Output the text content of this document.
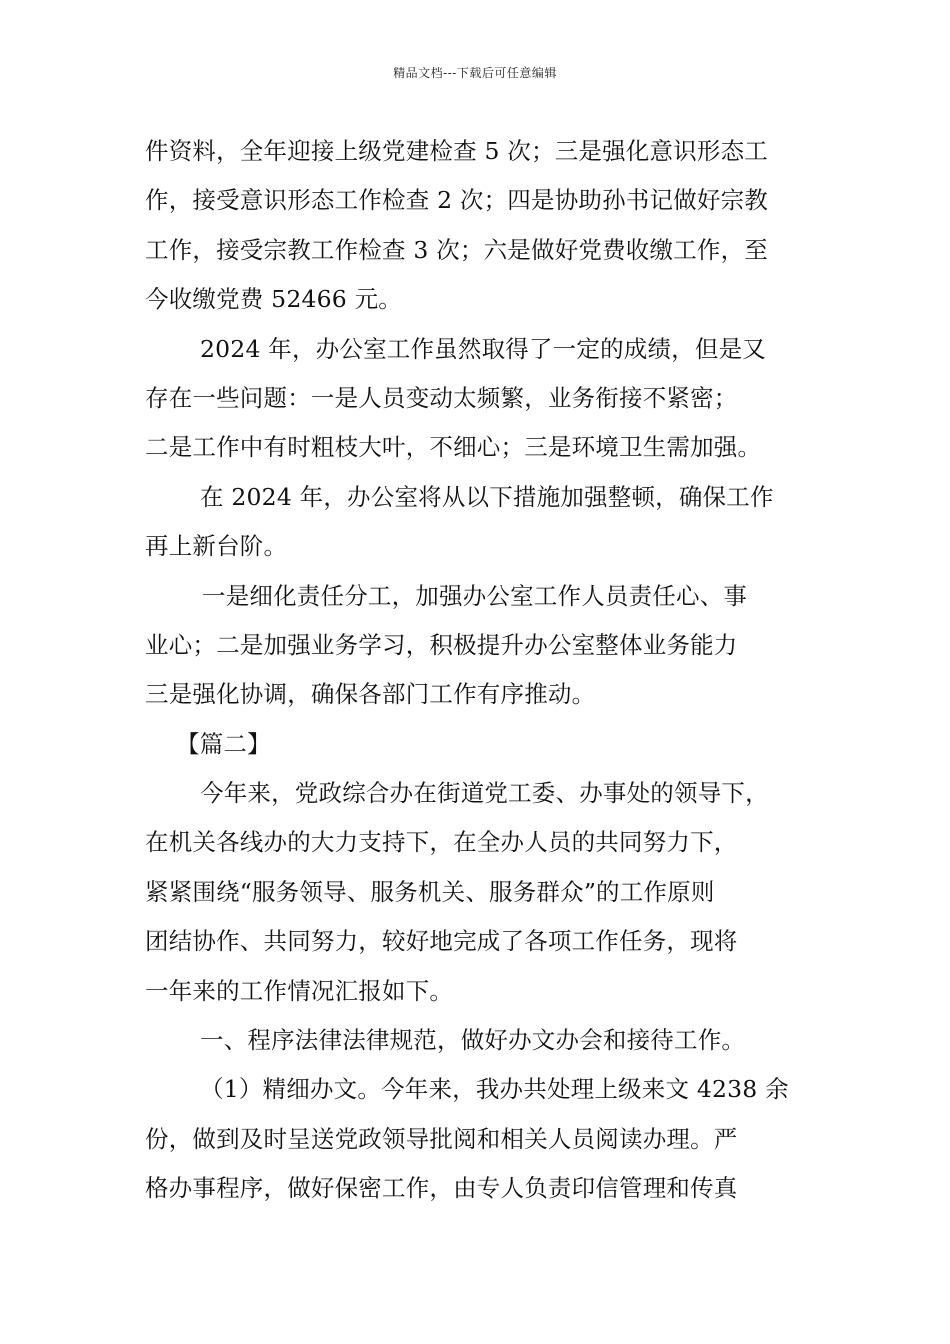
精品文档---下载后可任意编辑
件资料，全年迎接上级党建检查 5 次；三是强化意识形态工
作，接受意识形态工作检查 2 次；四是协助孙书记做好宗教
工作，接受宗教工作检查 3 次；六是做好党费收缴工作，至
今收缴党费 52466 元。
2024 年，办公室工作虽然取得了一定的成绩，但是又
存在一些问题：一是人员变动太频繁，业务衔接不紧密；
二是工作中有时粗枝大叶，不细心；三是环境卫生需加强。
在 2024 年，办公室将从以下措施加强整顿，确保工作
再上新台阶。
一是细化责任分工，加强办公室工作人员责任心、事
业心；二是加强业务学习，积极提升办公室整体业务能力
三是强化协调，确保各部门工作有序推动。
【篇二】
今年来，党政综合办在街道党工委、办事处的领导下，
在机关各线办的大力支持下，在全办人员的共同努力下，
紧紧围绕“服务领导、服务机关、服务群众”的工作原则
团结协作、共同努力，较好地完成了各项工作任务，现将
一年来的工作情况汇报如下。
一、程序法律法律规范，做好办文办会和接待工作。
（1）精细办文。今年来，我办共处理上级来文 4238 余
份，做到及时呈送党政领导批阅和相关人员阅读办理。严
格办事程序，做好保密工作，由专人负责印信管理和传真
